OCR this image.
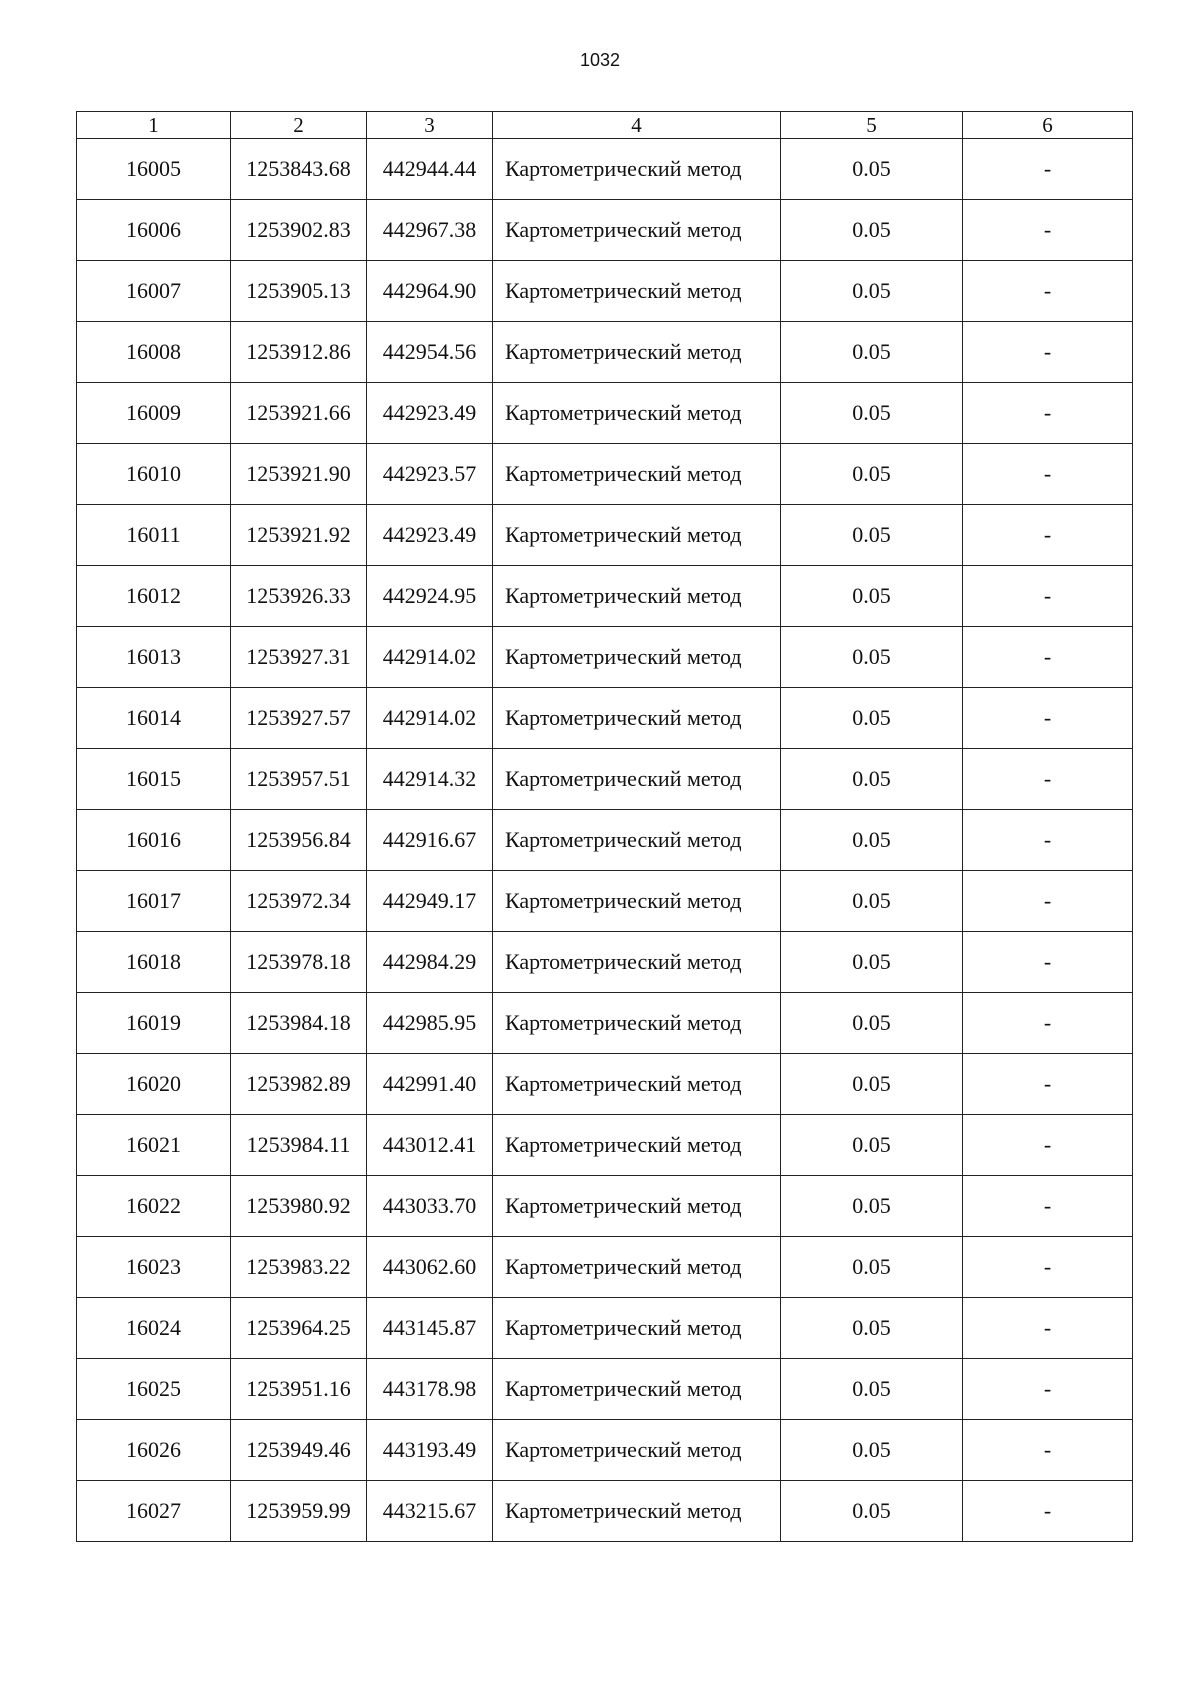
1032
1	2	3	4	5	6
16005	1253843.68	442944.44	Картометрический метод	0.05	-
16006	1253902.83	442967.38	Картометрический метод	0.05	-
16007	1253905.13	442964.90	Картометрический метод	0.05	-
16008	1253912.86	442954.56	Картометрический метод	0.05	-
16009	1253921.66	442923.49	Картометрический метод	0.05	-
16010	1253921.90	442923.57	Картометрический метод	0.05	-
16011	1253921.92	442923.49	Картометрический метод	0.05	-
16012	1253926.33	442924.95	Картометрический метод	0.05	-
16013	1253927.31	442914.02	Картометрический метод	0.05	-
16014	1253927.57	442914.02	Картометрический метод	0.05	-
16015	1253957.51	442914.32	Картометрический метод	0.05	-
16016	1253956.84	442916.67	Картометрический метод	0.05	-
16017	1253972.34	442949.17	Картометрический метод	0.05	-
16018	1253978.18	442984.29	Картометрический метод	0.05	-
16019	1253984.18	442985.95	Картометрический метод	0.05	-
16020	1253982.89	442991.40	Картометрический метод	0.05	-
16021	1253984.11	443012.41	Картометрический метод	0.05	-
16022	1253980.92	443033.70	Картометрический метод	0.05	-
16023	1253983.22	443062.60	Картометрический метод	0.05	-
16024	1253964.25	443145.87	Картометрический метод	0.05	-
16025	1253951.16	443178.98	Картометрический метод	0.05	-
16026	1253949.46	443193.49	Картометрический метод	0.05	-
16027	1253959.99	443215.67	Картометрический метод	0.05	-
